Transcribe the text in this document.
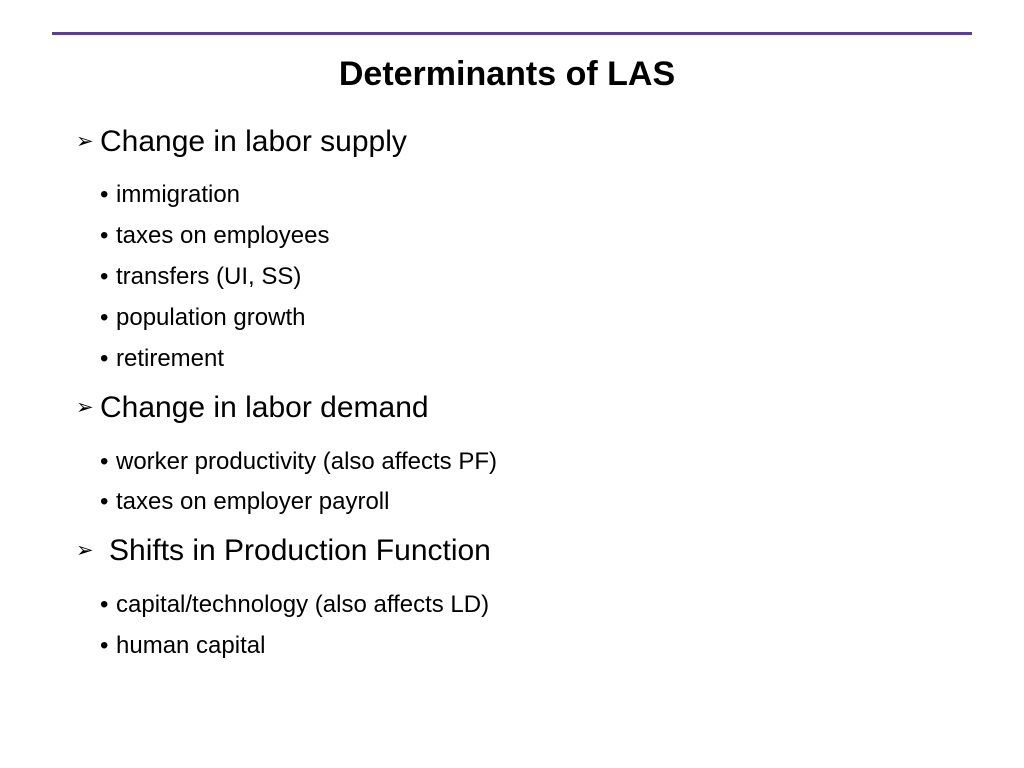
Determinants of LAS
➢ Change in labor supply
• immigration
• taxes on employees
• transfers (UI, SS)
• population growth
• retirement
➢ Change in labor demand
• worker productivity (also affects PF)
• taxes on employer payroll
➢ Shifts in Production Function
• capital/technology (also affects LD)
• human capital
